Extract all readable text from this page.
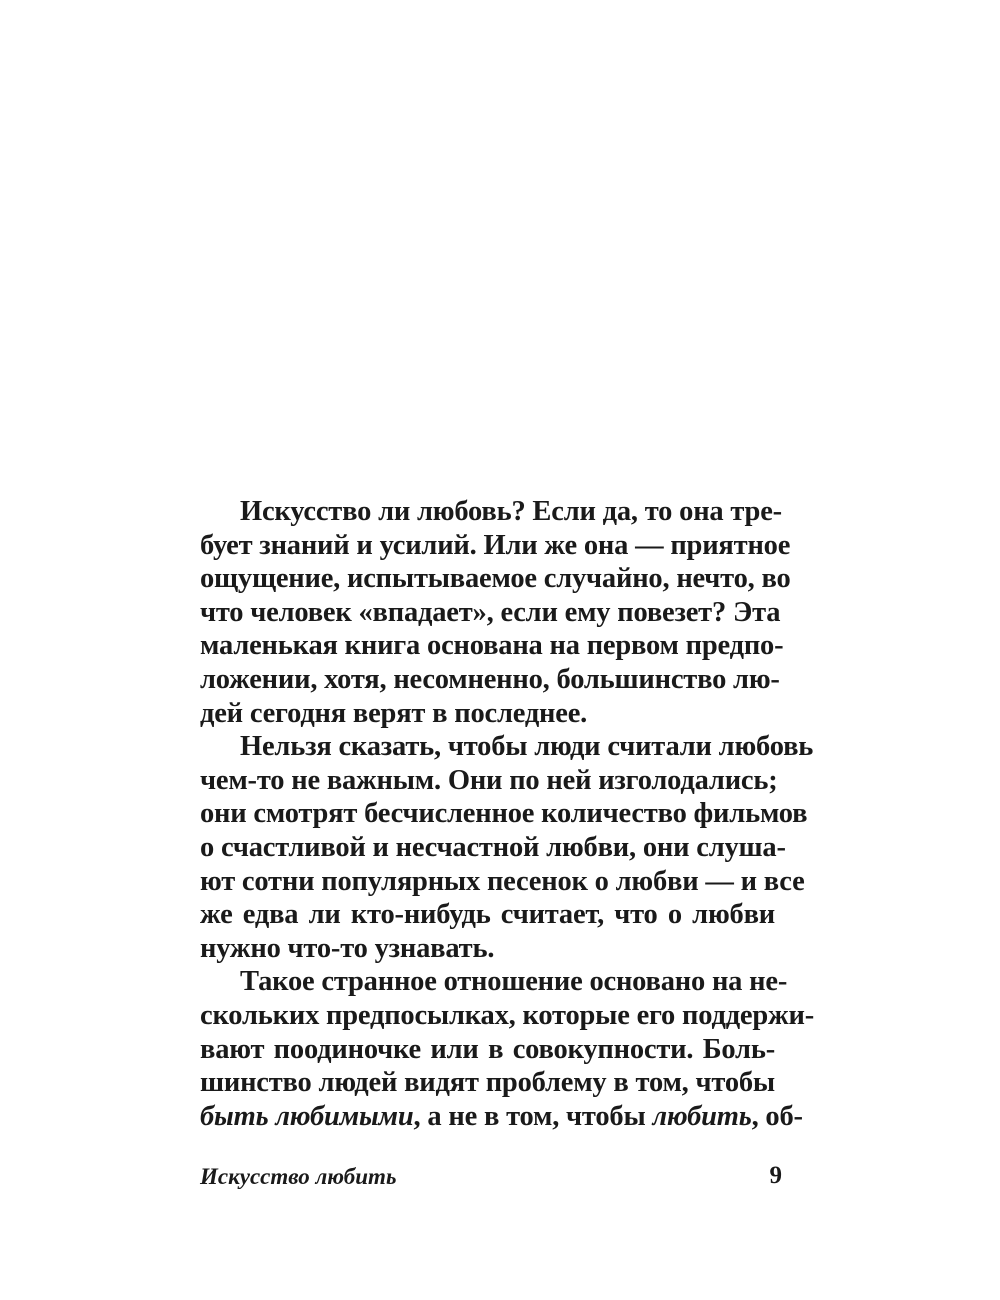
Искусство ли любовь? Если да, то она тре-
бует знаний и усилий. Или же она — приятное
ощущение, испытываемое случайно, нечто, во
что человек «впадает», если ему повезет? Эта
маленькая книга основана на первом предпо-
ложении, хотя, несомненно, большинство лю-
дей сегодня верят в последнее.
Нельзя сказать, чтобы люди считали любовь
чем-то не важным. Они по ней изголодались;
они смотрят бесчисленное количество фильмов
о счастливой и несчастной любви, они слуша-
ют сотни популярных песенок о любви — и все
же едва ли кто-нибудь считает, что о любви
нужно что-то узнавать.
Такое странное отношение основано на не-
скольких предпосылках, которые его поддержи-
вают поодиночке или в совокупности. Боль-
шинство людей видят проблему в том, чтобы
быть любимыми, а не в том, чтобы любить, об-
Искусство любить	9
